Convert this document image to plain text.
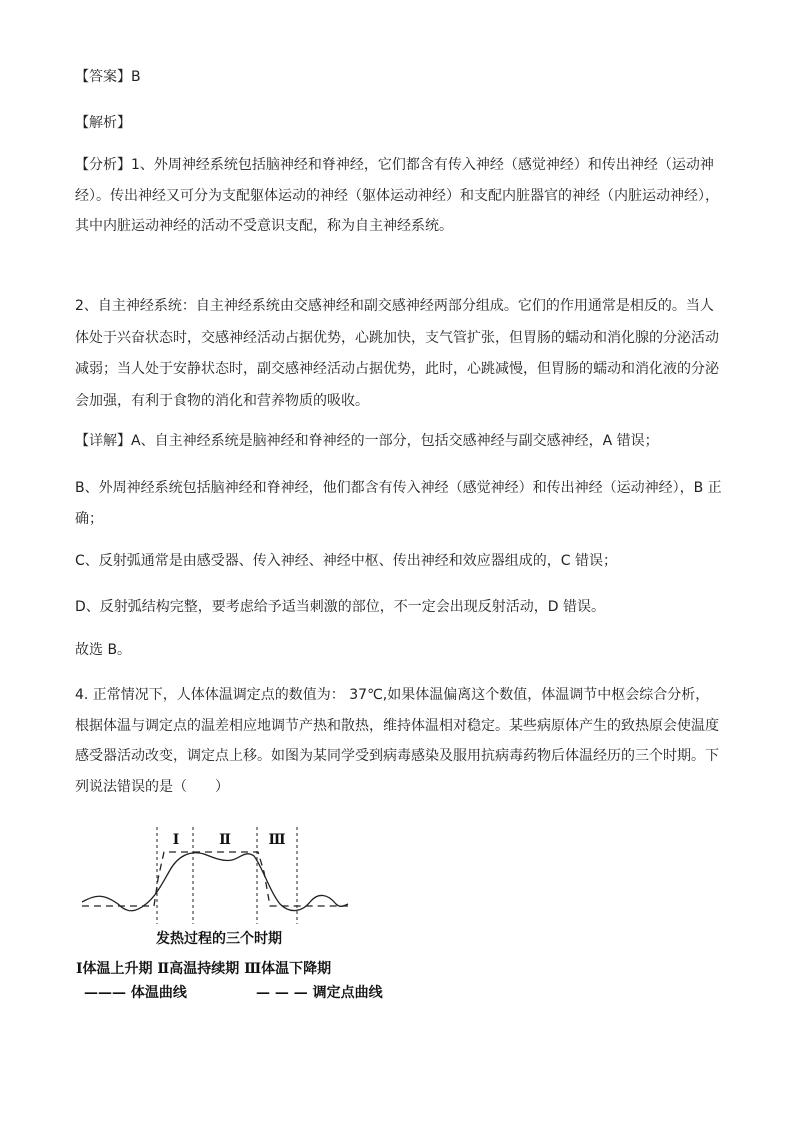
【答案】B
【解析】
【分析】1、外周神经系统包括脑神经和脊神经，它们都含有传入神经（感觉神经）和传出神经（运动神经）。传出神经又可分为支配躯体运动的神经（躯体运动神经）和支配内脏器官的神经（内脏运动神经），其中内脏运动神经的活动不受意识支配，称为自主神经系统。
2、自主神经系统：自主神经系统由交感神经和副交感神经两部分组成。它们的作用通常是相反的。当人体处于兴奋状态时，交感神经活动占据优势，心跳加快，支气管扩张，但胃肠的蠕动和消化腺的分泌活动减弱；当人处于安静状态时，副交感神经活动占据优势，此时，心跳减慢，但胃肠的蠕动和消化液的分泌会加强，有利于食物的消化和营养物质的吸收。
【详解】A、自主神经系统是脑神经和脊神经的一部分，包括交感神经与副交感神经，A 错误；
B、外周神经系统包括脑神经和脊神经，他们都含有传入神经（感觉神经）和传出神经（运动神经），B 正确；
C、反射弧通常是由感受器、传入神经、神经中枢、传出神经和效应器组成的，C 错误；
D、反射弧结构完整，要考虑给予适当刺激的部位，不一定会出现反射活动，D 错误。
故选 B。
4. 正常情况下，人体体温调定点的数值为： 37℃,如果体温偏离这个数值，体温调节中枢会综合分析，根据体温与调定点的温差相应地调节产热和散热，维持体温相对稳定。某些病原体产生的致热原会使温度感受器活动改变，调定点上移。如图为某同学受到病毒感染及服用抗病毒药物后体温经历的三个时期。下列说法错误的是（　　）
Ⅰ	Ⅱ	Ⅲ
发热过程的三个时期
Ⅰ体温上升期 Ⅱ高温持续期 Ⅲ体温下降期
——— 体温曲线	— — — 调定点曲线
